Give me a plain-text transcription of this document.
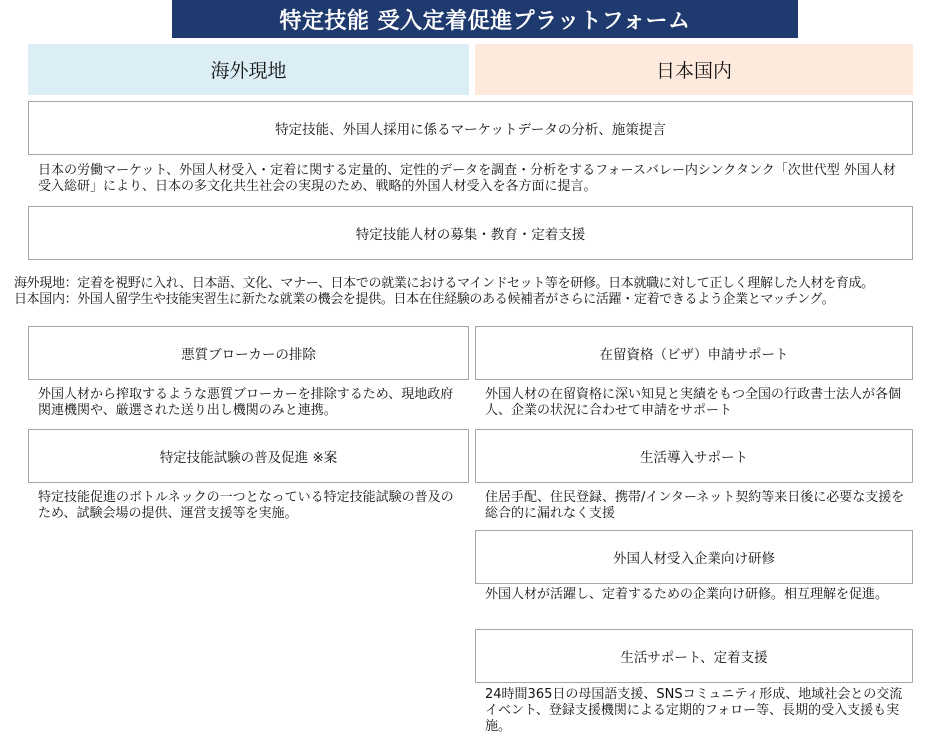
特定技能 受入定着促進プラットフォーム
海外現地	日本国内
特定技能、外国人採用に係るマーケットデータの分析、施策提言
日本の労働マーケット、外国人材受入・定着に関する定量的、定性的データを調査・分析をするフォースバレー内シンクタンク「次世代型 外国人材受入総研」により、日本の多文化共生社会の実現のため、戦略的外国人材受入を各方面に提言。
特定技能人材の募集・教育・定着支援
海外現地：定着を視野に入れ、日本語、文化、マナー、日本での就業におけるマインドセット等を研修。日本就職に対して正しく理解した人材を育成。
日本国内：外国人留学生や技能実習生に新たな就業の機会を提供。日本在住経験のある候補者がさらに活躍・定着できるよう企業とマッチング。
悪質ブローカーの排除
外国人材から搾取するような悪質ブローカーを排除するため、現地政府関連機関や、厳選された送り出し機関のみと連携。
特定技能試験の普及促進 ※案
特定技能促進のボトルネックの一つとなっている特定技能試験の普及のため、試験会場の提供、運営支援等を実施。
在留資格（ビザ）申請サポート
外国人材の在留資格に深い知見と実績をもつ全国の行政書士法人が各個人、企業の状況に合わせて申請をサポート
生活導入サポート
住居手配、住民登録、携帯/インターネット契約等来日後に必要な支援を総合的に漏れなく支援
外国人材受入企業向け研修
外国人材が活躍し、定着するための企業向け研修。相互理解を促進。
生活サポート、定着支援
24時間365日の母国語支援、SNSコミュニティ形成、地域社会との交流イベント、登録支援機関による定期的フォロー等、長期的受入支援も実施。
